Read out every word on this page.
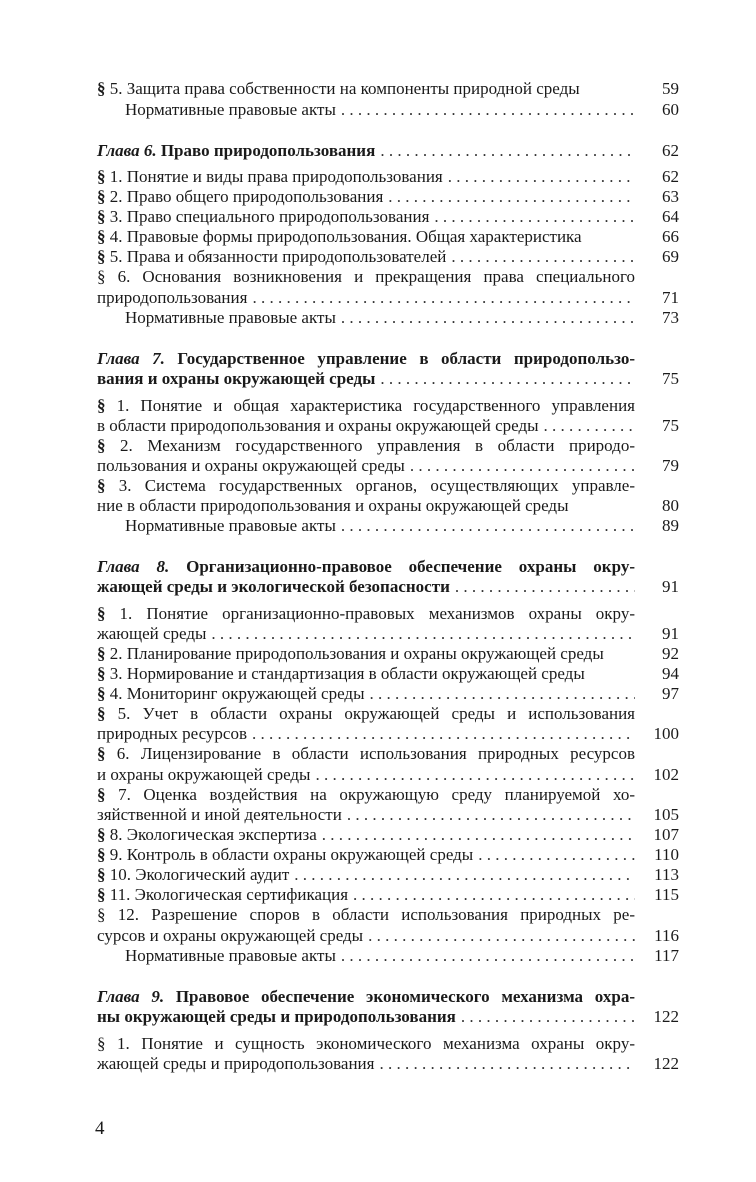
§ 5. Защита права собственности на компоненты природной среды	59
Нормативные правовые акты . . .	60
Глава 6. Право природопользования . . .	62
§ 1. Понятие и виды права природопользования . . .	62
§ 2. Право общего природопользования . . .	63
§ 3. Право специального природопользования . . .	64
§ 4. Правовые формы природопользования. Общая характеристика	66
§ 5. Права и обязанности природопользователей . . .	69
§ 6. Основания возникновения и прекращения права специального
природопользования . . .	71
Нормативные правовые акты . . .	73
Глава 7. Государственное управление в области природопользо-
вания и охраны окружающей среды . . .	75
§ 1. Понятие и общая характеристика государственного управления
в области природопользования и охраны окружающей среды . . .	75
§ 2. Механизм государственного управления в области природо-
пользования и охраны окружающей среды . . .	79
§ 3. Система государственных органов, осуществляющих управле-
ние в области природопользования и охраны окружающей среды	80
Нормативные правовые акты . . .	89
Глава 8. Организационно-правовое обеспечение охраны окру-
жающей среды и экологической безопасности . . .	91
§ 1. Понятие организационно-правовых механизмов охраны окру-
жающей среды . . .	91
§ 2. Планирование природопользования и охраны окружающей среды	92
§ 3. Нормирование и стандартизация в области окружающей среды	94
§ 4. Мониторинг окружающей среды . . .	97
§ 5. Учет в области охраны окружающей среды и использования
природных ресурсов . . .	100
§ 6. Лицензирование в области использования природных ресурсов
и охраны окружающей среды . . .	102
§ 7. Оценка воздействия на окружающую среду планируемой хо-
зяйственной и иной деятельности . . .	105
§ 8. Экологическая экспертиза . . .	107
§ 9. Контроль в области охраны окружающей среды . . .	110
§ 10. Экологический аудит . . .	113
§ 11. Экологическая сертификация . . .	115
§ 12. Разрешение споров в области использования природных ре-
сурсов и охраны окружающей среды . . .	116
Нормативные правовые акты . . .	117
Глава 9. Правовое обеспечение экономического механизма охра-
ны окружающей среды и природопользования . . .	122
§ 1. Понятие и сущность экономического механизма охраны окру-
жающей среды и природопользования . . .	122
4
